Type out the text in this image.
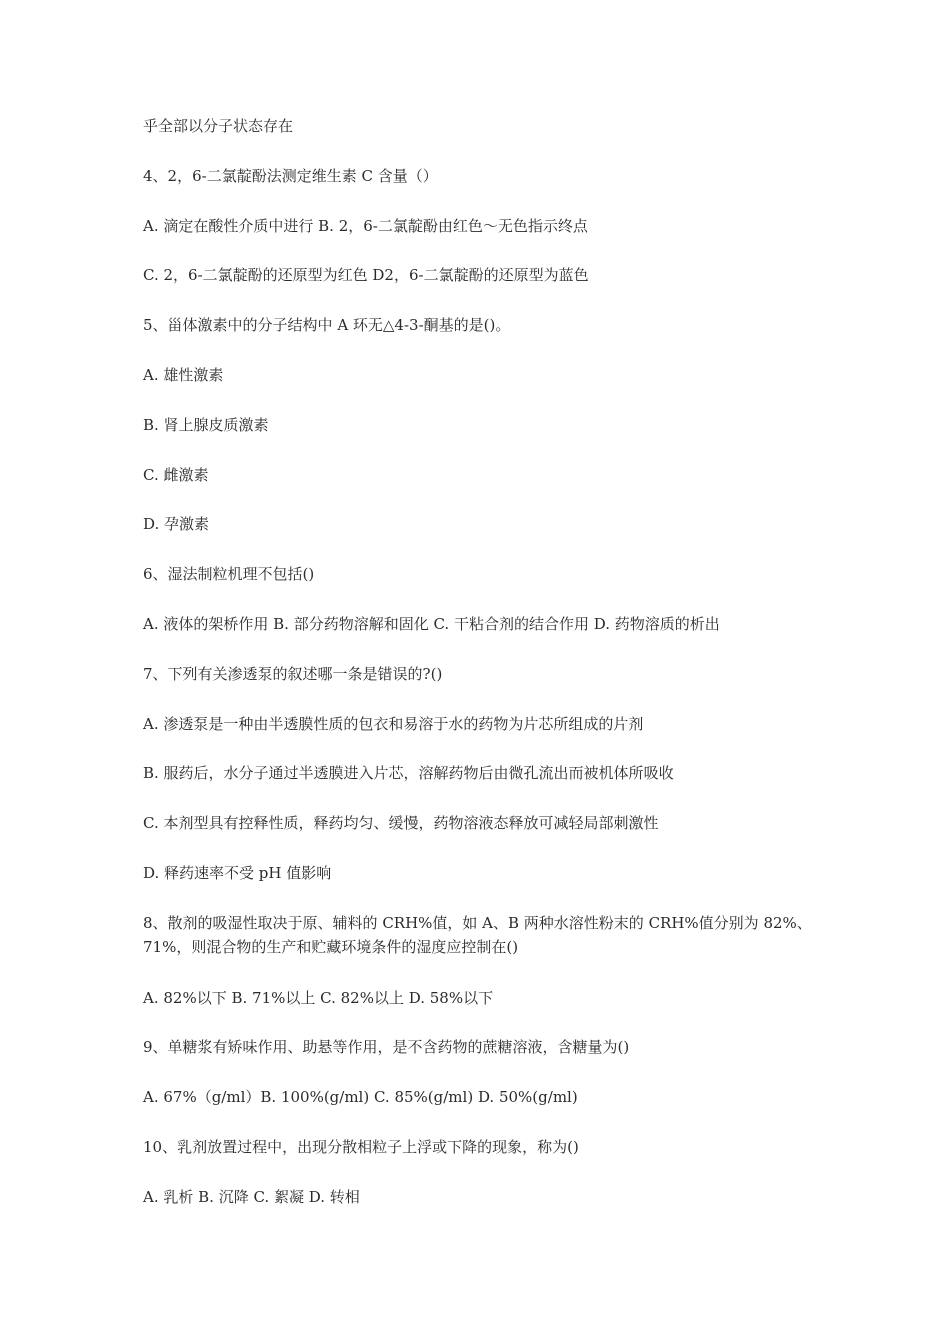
乎全部以分子状态存在
4、2，6-二氯靛酚法测定维生素 C 含量（）
A. 滴定在酸性介质中进行 B. 2，6-二氯靛酚由红色～无色指示终点
C. 2，6-二氯靛酚的还原型为红色 D2，6-二氯靛酚的还原型为蓝色
5、甾体激素中的分子结构中 A 环无△4-3-酮基的是()。
A. 雄性激素
B. 肾上腺皮质激素
C. 雌激素
D. 孕激素
6、湿法制粒机理不包括()
A. 液体的架桥作用 B. 部分药物溶解和固化 C. 干粘合剂的结合作用 D. 药物溶质的析出
7、下列有关渗透泵的叙述哪一条是错误的?()
A. 渗透泵是一种由半透膜性质的包衣和易溶于水的药物为片芯所组成的片剂
B. 服药后，水分子通过半透膜进入片芯，溶解药物后由微孔流出而被机体所吸收
C. 本剂型具有控释性质，释药均匀、缓慢，药物溶液态释放可减轻局部刺激性
D. 释药速率不受 pH 值影响
8、散剂的吸湿性取决于原、辅料的 CRH%值，如 A、B 两种水溶性粉末的 CRH%值分别为 82%、71%，则混合物的生产和贮藏环境条件的湿度应控制在()
A. 82%以下 B. 71%以上 C. 82%以上 D. 58%以下
9、单糖浆有矫味作用、助悬等作用，是不含药物的蔗糖溶液，含糖量为()
A. 67%（g/ml）B. 100%(g/ml) C. 85%(g/ml) D. 50%(g/ml)
10、乳剂放置过程中，出现分散相粒子上浮或下降的现象，称为()
A. 乳析 B. 沉降 C. 絮凝 D. 转相
